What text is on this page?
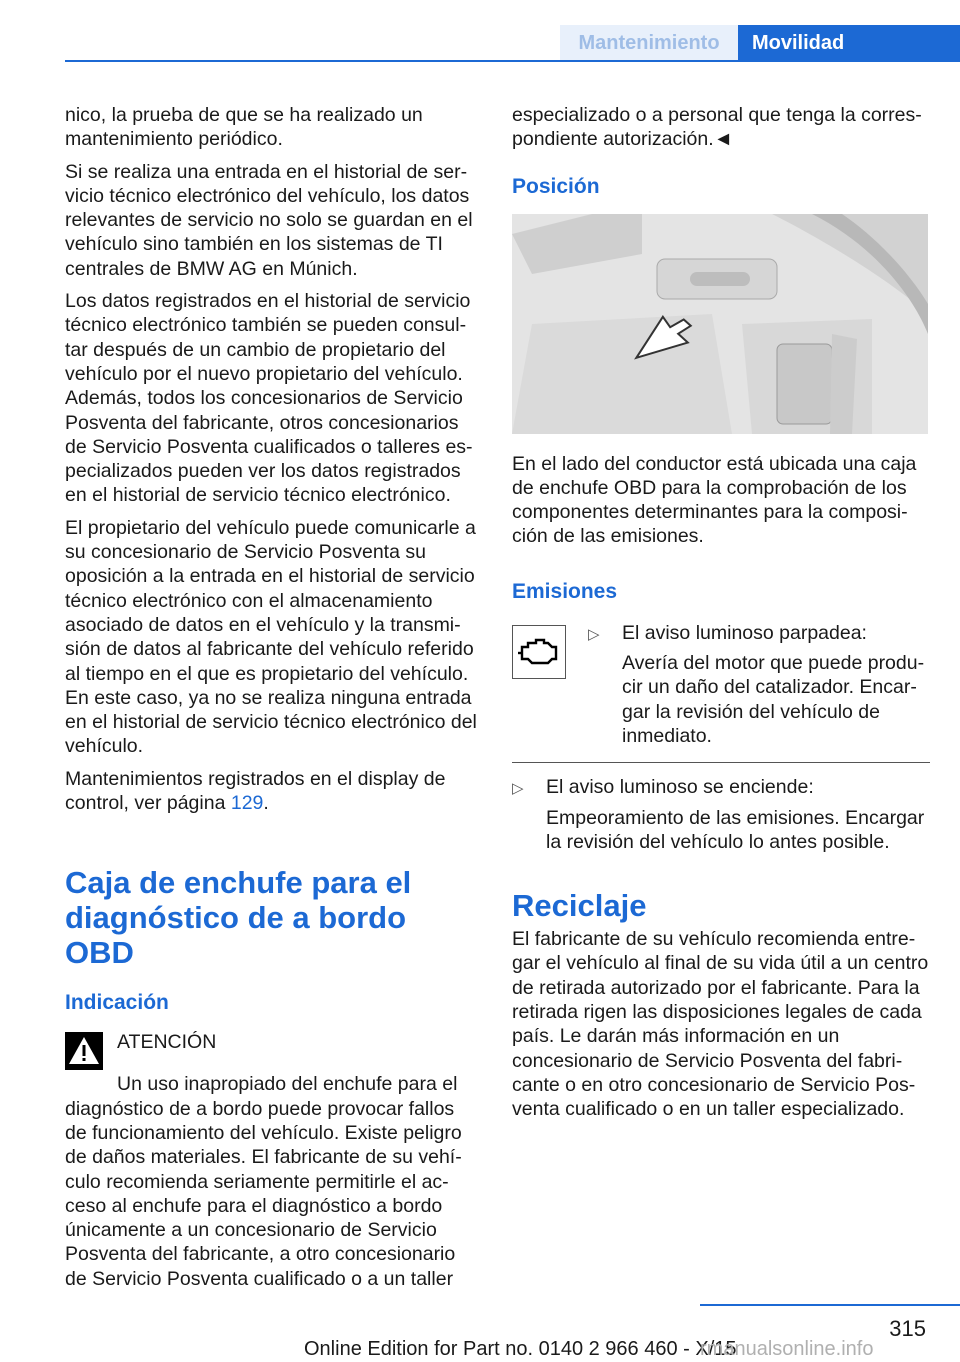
Mantenimiento	Movilidad

nico, la prueba de que se ha realizado un mantenimiento periódico.

Si se realiza una entrada en el historial de servicio técnico electrónico del vehículo, los datos relevantes de servicio no solo se guardan en el vehículo sino también en los sistemas de TI centrales de BMW AG en Múnich.

Los datos registrados en el historial de servicio técnico electrónico también se pueden consultar después de un cambio de propietario del vehículo por el nuevo propietario del vehículo. Además, todos los concesionarios de Servicio Posventa del fabricante, otros concesionarios de Servicio Posventa cualificados o talleres especializados pueden ver los datos registrados en el historial de servicio técnico electrónico.

El propietario del vehículo puede comunicarle a su concesionario de Servicio Posventa su oposición a la entrada en el historial de servicio técnico electrónico con el almacenamiento asociado de datos en el vehículo y la transmisión de datos al fabricante del vehículo referido al tiempo en el que es propietario del vehículo. En este caso, ya no se realiza ninguna entrada en el historial de servicio técnico electrónico del vehículo.

Mantenimientos registrados en el display de control, ver página 129.

Caja de enchufe para el diagnóstico de a bordo OBD
Indicación
ATENCIÓN
Un uso inapropiado del enchufe para el diagnóstico de a bordo puede provocar fallos de funcionamiento del vehículo. Existe peligro de daños materiales. El fabricante de su vehículo recomienda seriamente permitirle el acceso al enchufe para el diagnóstico a bordo únicamente a un concesionario de Servicio Posventa del fabricante, a otro concesionario de Servicio Posventa cualificado o a un taller

especializado o a personal que tenga la correspondiente autorización.◄

Posición

En el lado del conductor está ubicada una caja de enchufe OBD para la comprobación de los componentes determinantes para la composición de las emisiones.

Emisiones
▷	El aviso luminoso parpadea:
Avería del motor que puede producir un daño del catalizador. Encargar la revisión del vehículo de inmediato.
▷	El aviso luminoso se enciende:
Empeoramiento de las emisiones. Encargar la revisión del vehículo lo antes posible.
Reciclaje

El fabricante de su vehículo recomienda entregar el vehículo al final de su vida útil a un centro de retirada autorizado por el fabricante. Para la retirada rigen las disposiciones legales de cada país. Le darán más información en un concesionario de Servicio Posventa del fabricante o en otro concesionario de Servicio Posventa cualificado o en un taller especializado.

315
Online Edition for Part no. 0140 2 966 460 - X/15
rmanualsonline.info
